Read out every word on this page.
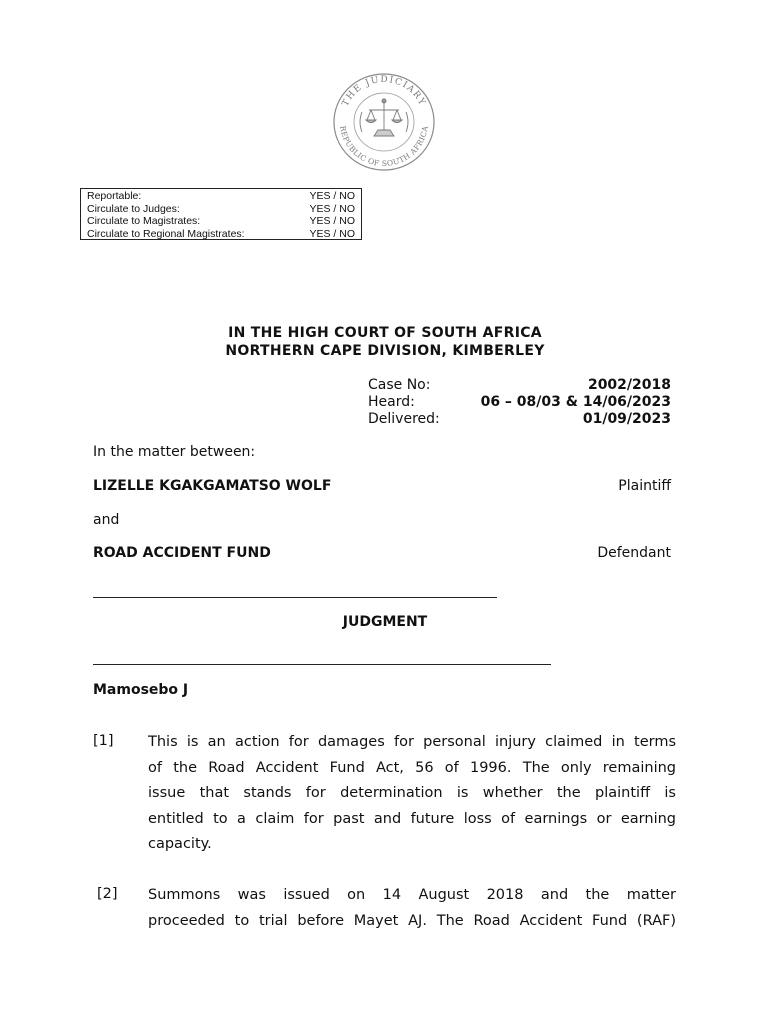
THE JUDICIARY
REPUBLIC OF SOUTH AFRICA
Reportable:	YES / NO
Circulate to Judges:	YES / NO
Circulate to Magistrates:	YES / NO
Circulate to Regional Magistrates:	YES / NO
IN THE HIGH COURT OF SOUTH AFRICA
NORTHERN CAPE DIVISION, KIMBERLEY
Case No:	2002/2018
Heard:	06 – 08/03 & 14/06/2023
Delivered:	01/09/2023
In the matter between:
LIZELLE KGAKGAMATSO WOLF	Plaintiff
and
ROAD ACCIDENT FUND	Defendant
JUDGMENT
Mamosebo J
[1] This is an action for damages for personal injury claimed in terms
of the Road Accident Fund Act, 56 of 1996. The only remaining
issue that stands for determination is whether the plaintiff is
entitled to a claim for past and future loss of earnings or earning
capacity.
[2] Summons was issued on 14 August 2018 and the matter
proceeded to trial before Mayet AJ. The Road Accident Fund (RAF)
